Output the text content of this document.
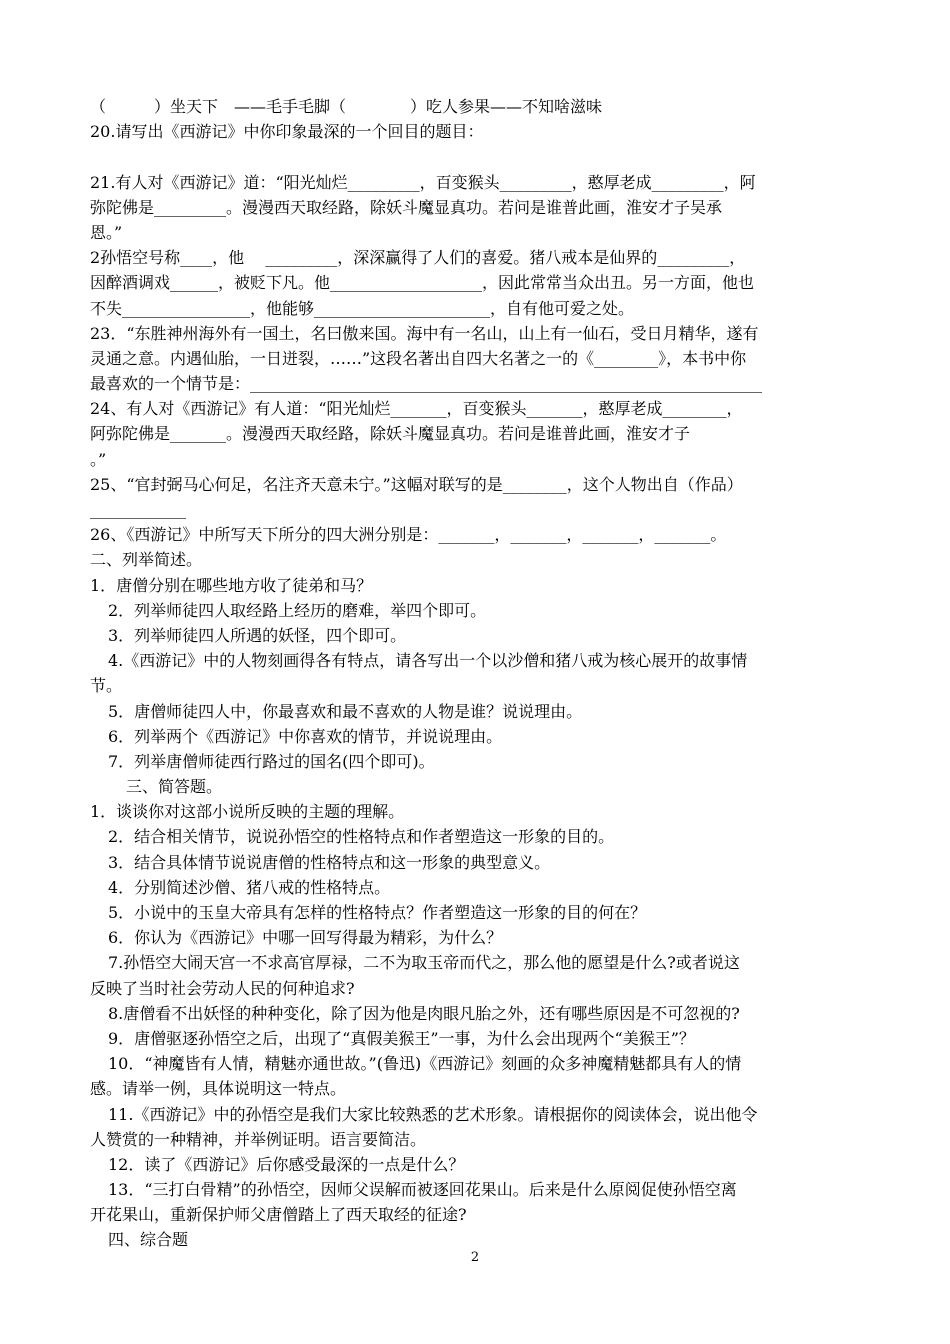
（　　　）坐天下　——毛手毛脚（　　　　）吃人参果——不知啥滋味
20.请写出《西游记》中你印象最深的一个回目的题目：
21.有人对《西游记》道：“阳光灿烂_________，百变猴头_________，憨厚老成_________，阿
弥陀佛是_________。漫漫西天取经路，除妖斗魔显真功。若问是谁普此画，淮安才子吴承
恩。”
2孙悟空号称____，他　 _________，深深赢得了人们的喜爱。猪八戒本是仙界的_________，
因醉酒调戏______，被贬下凡。他___________________，因此常常当众出丑。另一方面，他也
不失________________，他能够______________________，自有他可爱之处。
23．“东胜神州海外有一国土，名曰傲来国。海中有一名山，山上有一仙石，受日月精华，遂有
灵通之意。内遇仙胎，一日迸裂，……”这段名著出自四大名著之一的《________》，本书中你
最喜欢的一个情节是：________________________________________________________________
24、有人对《西游记》有人道：“阳光灿烂_______，百变猴头_______，憨厚老成________，
阿弥陀佛是_______。漫漫西天取经路，除妖斗魔显真功。若问是谁普此画，淮安才子
。”
25、“官封弼马心何足，名注齐天意未宁。”这幅对联写的是________，这个人物出自（作品）
____________
26、《西游记》中所写天下所分的四大洲分别是：_______，_______，_______，_______。
二、列举简述。
1．唐僧分别在哪些地方收了徒弟和马？
2．列举师徒四人取经路上经历的磨难，举四个即可。
3．列举师徒四人所遇的妖怪，四个即可。
4.《西游记》中的人物刻画得各有特点，请各写出一个以沙僧和猪八戒为核心展开的故事情
节。
5．唐僧师徒四人中，你最喜欢和最不喜欢的人物是谁？说说理由。
6．列举两个《西游记》中你喜欢的情节，并说说理由。
7．列举唐僧师徒西行路过的国名(四个即可)。
三、简答题。
1．谈谈你对这部小说所反映的主题的理解。
2．结合相关情节，说说孙悟空的性格特点和作者塑造这一形象的目的。
3．结合具体情节说说唐僧的性格特点和这一形象的典型意义。
4．分别简述沙僧、猪八戒的性格特点。
5．小说中的玉皇大帝具有怎样的性格特点？作者塑造这一形象的目的何在？
6．你认为《西游记》中哪一回写得最为精彩，为什么？
7.孙悟空大闹天宫一不求高官厚禄，二不为取玉帝而代之，那么他的愿望是什么?或者说这
反映了当时社会劳动人民的何种追求?
8.唐僧看不出妖怪的种种变化，除了因为他是肉眼凡胎之外，还有哪些原因是不可忽视的?
9．唐僧驱逐孙悟空之后，出现了“真假美猴王”一事，为什么会出现两个“美猴王”？
10．“神魔皆有人情，精魅亦通世故。”(鲁迅)《西游记》刻画的众多神魔精魅都具有人的情
感。请举一例，具体说明这一特点。
11.《西游记》中的孙悟空是我们大家比较熟悉的艺术形象。请根据你的阅读体会，说出他令
人赞赏的一种精神，并举例证明。语言要简洁。
12．读了《西游记》后你感受最深的一点是什么？
13．“三打白骨精”的孙悟空，因师父误解而被逐回花果山。后来是什么原阅促使孙悟空离
开花果山，重新保护师父唐僧踏上了西天取经的征途?
四、综合题
2
